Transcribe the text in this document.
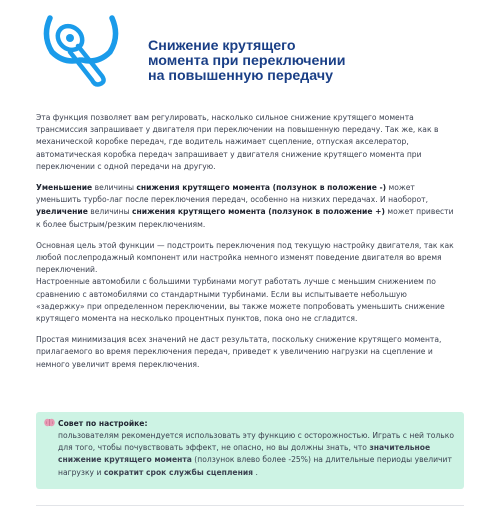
Снижение крутящего
момента при переключении
на повышенную передачу

Эта функция позволяет вам регулировать, насколько сильное снижение крутящего момента трансмиссия запрашивает у двигателя при переключении на повышенную передачу. Так же, как в механической коробке передач, где водитель нажимает сцепление, отпуская акселератор, автоматическая коробка передач запрашивает у двигателя снижение крутящего момента при переключении с одной передачи на другую.

Уменьшение величины снижения крутящего момента (ползунок в положение -) может уменьшить турбо-лаг после переключения передач, особенно на низких передачах. И наоборот, увеличение величины снижения крутящего момента (ползунок в положение +) может привести к более быстрым/резким переключениям.

Основная цель этой функции — подстроить переключения под текущую настройку двигателя, так как любой послепродажный компонент или настройка немного изменят поведение двигателя во время переключений.
Настроенные автомобили с большими турбинами могут работать лучше с меньшим снижением по сравнению с автомобилями со стандартными турбинами. Если вы испытываете небольшую «задержку» при определенном переключении, вы также можете попробовать уменьшить снижение крутящего момента на несколько процентных пунктов, пока оно не сгладится.

Простая минимизация всех значений не даст результата, поскольку снижение крутящего момента, прилагаемого во время переключения передач, приведет к увеличению нагрузки на сцепление и немного увеличит время переключения.

Совет по настройке:
пользователям рекомендуется использовать эту функцию с осторожностью. Играть с ней только для того, чтобы почувствовать эффект, не опасно, но вы должны знать, что значительное снижение крутящего момента (ползунок влево более -25%) на длительные периоды увеличит нагрузку и сократит срок службы сцепления .
